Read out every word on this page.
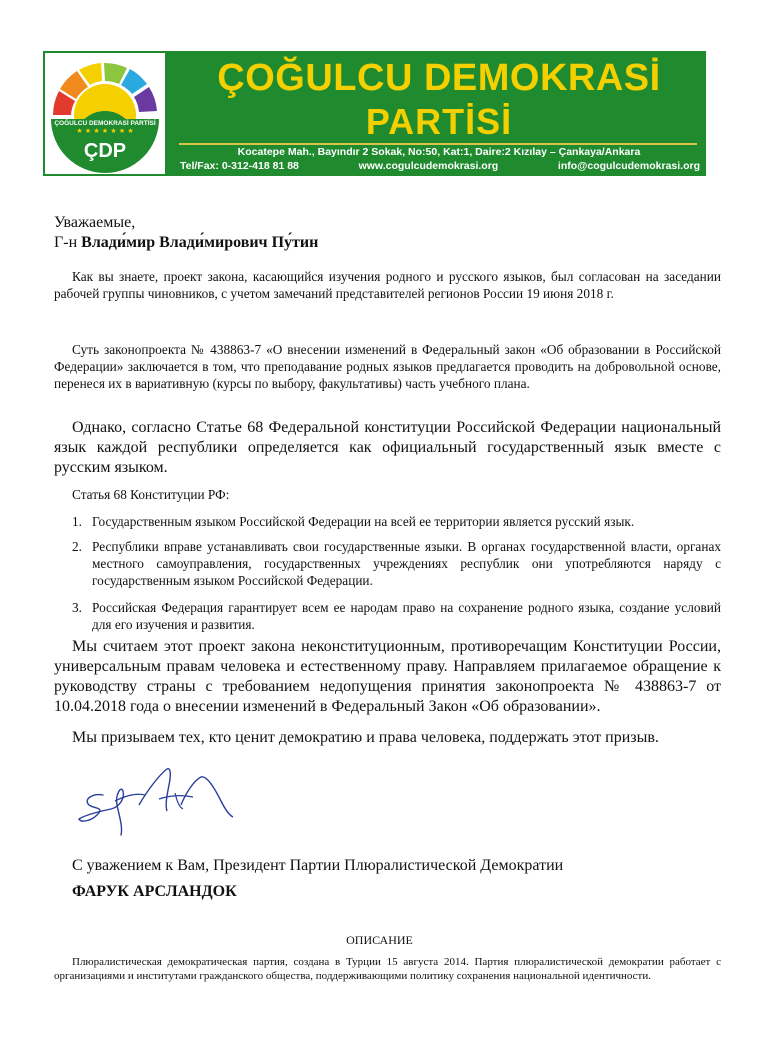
ÇOĞULCU DEMOKRASİ PARTİSİ
★ ★ ★ ★ ★ ★ ★
ÇDP
ÇOĞULCU DEMOKRASİ
PARTİSİ
Kocatepe Mah., Bayındır 2 Sokak, No:50, Kat:1, Daire:2 Kızılay – Çankaya/Ankara
Tel/Fax: 0-312-418 81 88	www.cogulcudemokrasi.org	info@cogulcudemokrasi.org
Уважаемые,
Г-н Влади́мир Влади́мирович Пу́тин
Как вы знаете, проект закона, касающийся изучения родного и русского языков, был согласован на заседании рабочей группы чиновников, с учетом замечаний представителей регионов России 19 июня 2018 г.
Суть законопроекта № 438863-7 «О внесении изменений в Федеральный закон «Об образовании в Российской Федерации» заключается в том, что преподавание родных языков предлагается проводить на добровольной основе, перенеся их в вариативную (курсы по выбору, факультативы) часть учебного плана.
Однако, согласно Статье 68 Федеральной конституции Российской Федерации национальный язык каждой республики определяется как официальный государственный язык вместе с русским языком.
Статья 68 Конституции РФ:
1. Государственным языком Российской Федерации на всей ее территории является русский язык.
2. Республики вправе устанавливать свои государственные языки. В органах государственной власти, органах местного самоуправления, государственных учреждениях республик они употребляются наряду с государственным языком Российской Федерации.
3. Российская Федерация гарантирует всем ее народам право на сохранение родного языка, создание условий для его изучения и развития.
Мы считаем этот проект закона неконституционным, противоречащим Конституции России, универсальным правам человека и естественному праву. Направляем прилагаемое обращение к руководству страны с требованием недопущения принятия законопроекта № 438863-7 от 10.04.2018 года о внесении изменений в Федеральный Закон «Об образовании».
Мы призываем тех, кто ценит демократию и права человека, поддержать этот призыв.
С уважением к Вам, Президент Партии Плюралистической Демократии
ФАРУК АРСЛАНДОК
ОПИСАНИЕ
Плюралистическая демократическая партия, создана в Турции 15 августа 2014. Партия плюралистической демократии работает с организациями и институтами гражданского общества, поддерживающими политику сохранения национальной идентичности.
